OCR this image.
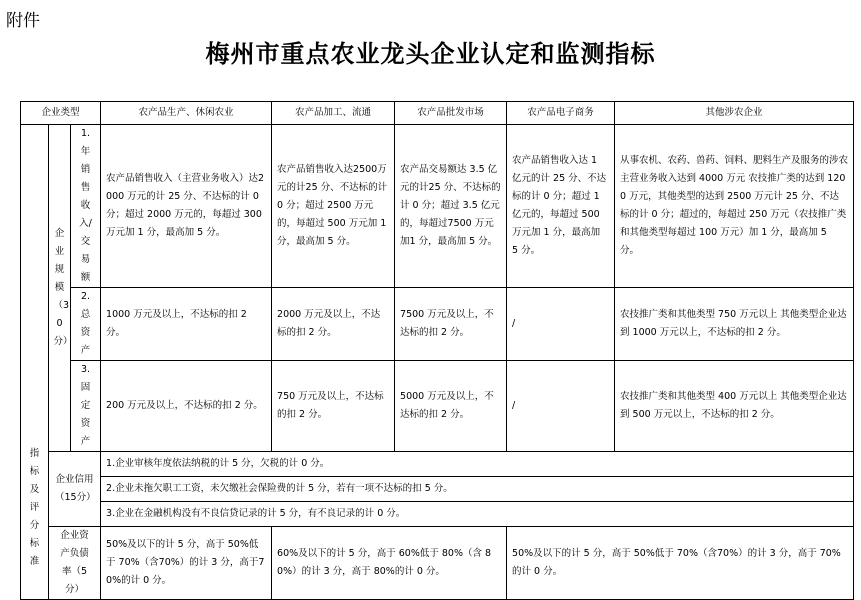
附件
梅州市重点农业龙头企业认定和监测指标
企业类型			农产品生产、休闲农业	农产品加工、流通	农产品批发市场	农产品电子商务	其他涉农企业

指标及评分标准	企业规模（30分）	1.年销售收入/交易额	农产品销售收入（主营业务收入）达2000 万元的计 25 分、不达标的计 0 分；超过 2000 万元的，每超过 300 万元加 1 分，最高加 5 分。	农产品销售收入达2500万元的计25 分、不达标的计0 分；超过 2500 万元的，每超过 500 万元加 1 分，最高加 5 分。	农产品交易额达 3.5 亿元的计25 分、不达标的计 0 分；超过 3.5 亿元的，每超过7500 万元加1 分，最高加 5 分。	农产品销售收入达 1 亿元的计 25 分、不达标的计 0 分；超过 1 亿元的，每超过 500 万元加 1 分，最高加 5 分。	从事农机、农药、兽药、饲料、肥料生产及服务的涉农主营业务收入达到 4000 万元 农技推广类的达到 1200 万元，其他类型的达到 2500 万元计 25 分、不达标的计 0 分；超过的，每超过 250 万元（农技推广类和其他类型每超过 100 万元）加 1 分，最高加 5 分。

		2.总资产	1000 万元及以上，不达标的扣 2 分。	2000 万元及以上，不达标的扣 2 分。	7500 万元及以上，不达标的扣 2 分。	/	农技推广类和其他类型 750 万元以上 其他类型企业达到 1000 万元以上，不达标的扣 2 分。

		3.固定资产	200 万元及以上，不达标的扣 2 分。	750 万元及以上，不达标的扣 2 分。	5000 万元及以上，不达标的扣 2 分。	/	农技推广类和其他类型 400 万元以上 其他类型企业达到 500 万元以上，不达标的扣 2 分。
	企业信用（15分）		1.企业审核年度依法纳税的计 5 分，欠税的计 0 分。				
			2.企业未拖欠职工工资，未欠缴社会保险费的计 5 分，若有一项不达标的扣 5 分。				
			3.企业在金融机构没有不良信贷记录的计 5 分，有不良记录的计 0 分。				
	企业资产负债率（5分）		50%及以下的计 5 分，高于 50%低于 70%（含70%）的计 3 分，高于70%的计 0 分。	60%及以下的计 5 分，高于 60%低于 80%（含 80%）的计 3 分，高于 80%的计 0 分。		50%及以下的计 5 分，高于 50%低于 70%（含70%）的计 3 分，高于 70%的计 0 分。	
